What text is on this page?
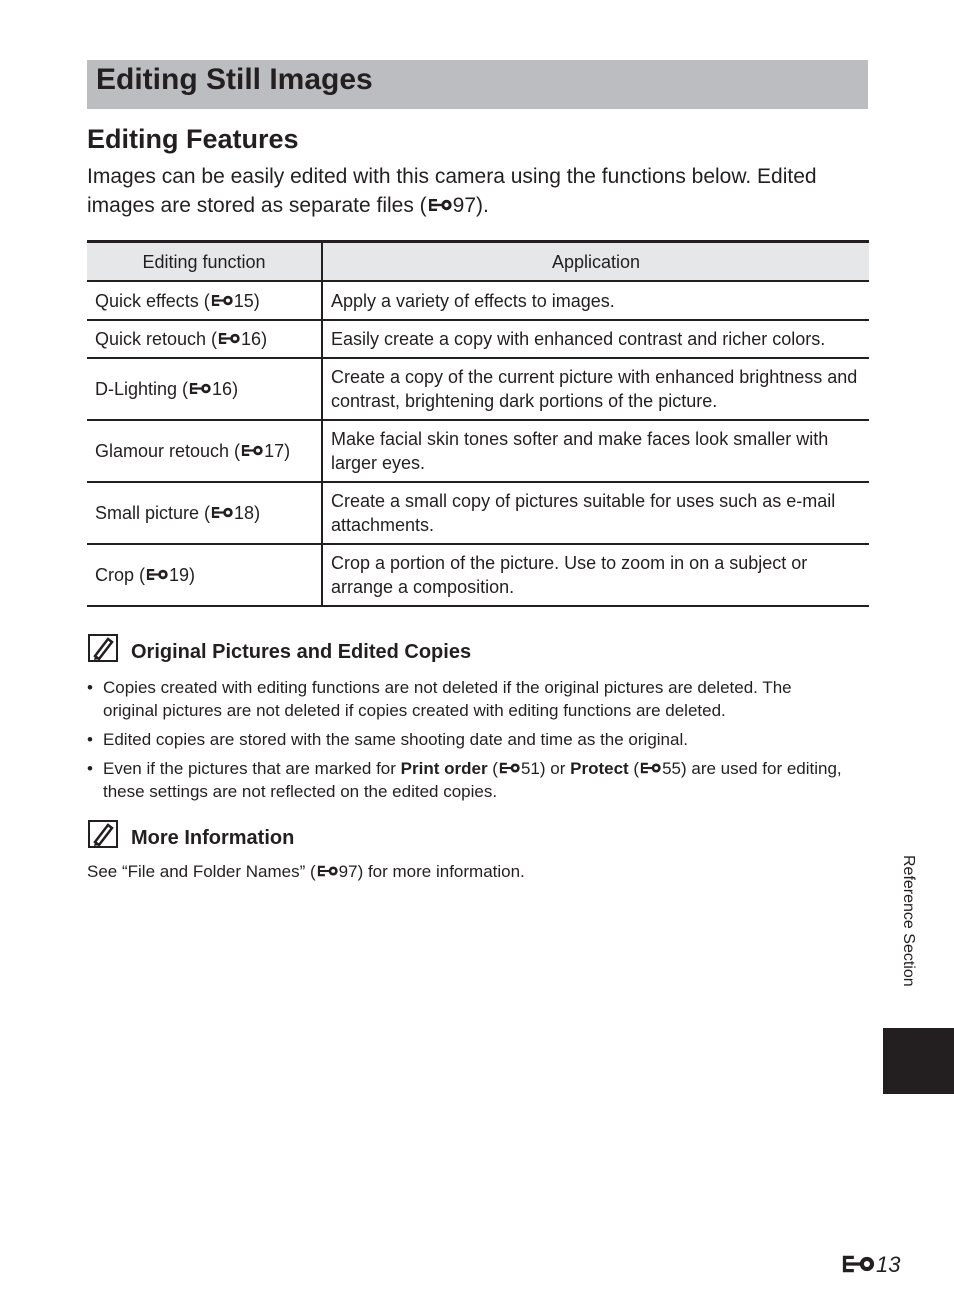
Editing Still Images
Editing Features

Images can be easily edited with this camera using the functions below. Edited images are stored as separate files ( 97).

Editing function	Application
Quick effects ( 15)	Apply a variety of effects to images.
Quick retouch ( 16)	Easily create a copy with enhanced contrast and richer colors.
D-Lighting ( 16)	Create a copy of the current picture with enhanced brightness and contrast, brightening dark portions of the picture.
Glamour retouch ( 17)	Make facial skin tones softer and make faces look smaller with larger eyes.
Small picture ( 18)	Create a small copy of pictures suitable for uses such as e-mail attachments.
Crop ( 19)	Crop a portion of the picture. Use to zoom in on a subject or arrange a composition.

Original Pictures and Edited Copies

• Copies created with editing functions are not deleted if the original pictures are deleted. The original pictures are not deleted if copies created with editing functions are deleted.
• Edited copies are stored with the same shooting date and time as the original.
• Even if the pictures that are marked for Print order ( 51) or Protect ( 55) are used for editing, these settings are not reflected on the edited copies.

More Information

See “File and Folder Names” ( 97) for more information.	Reference Section
13
